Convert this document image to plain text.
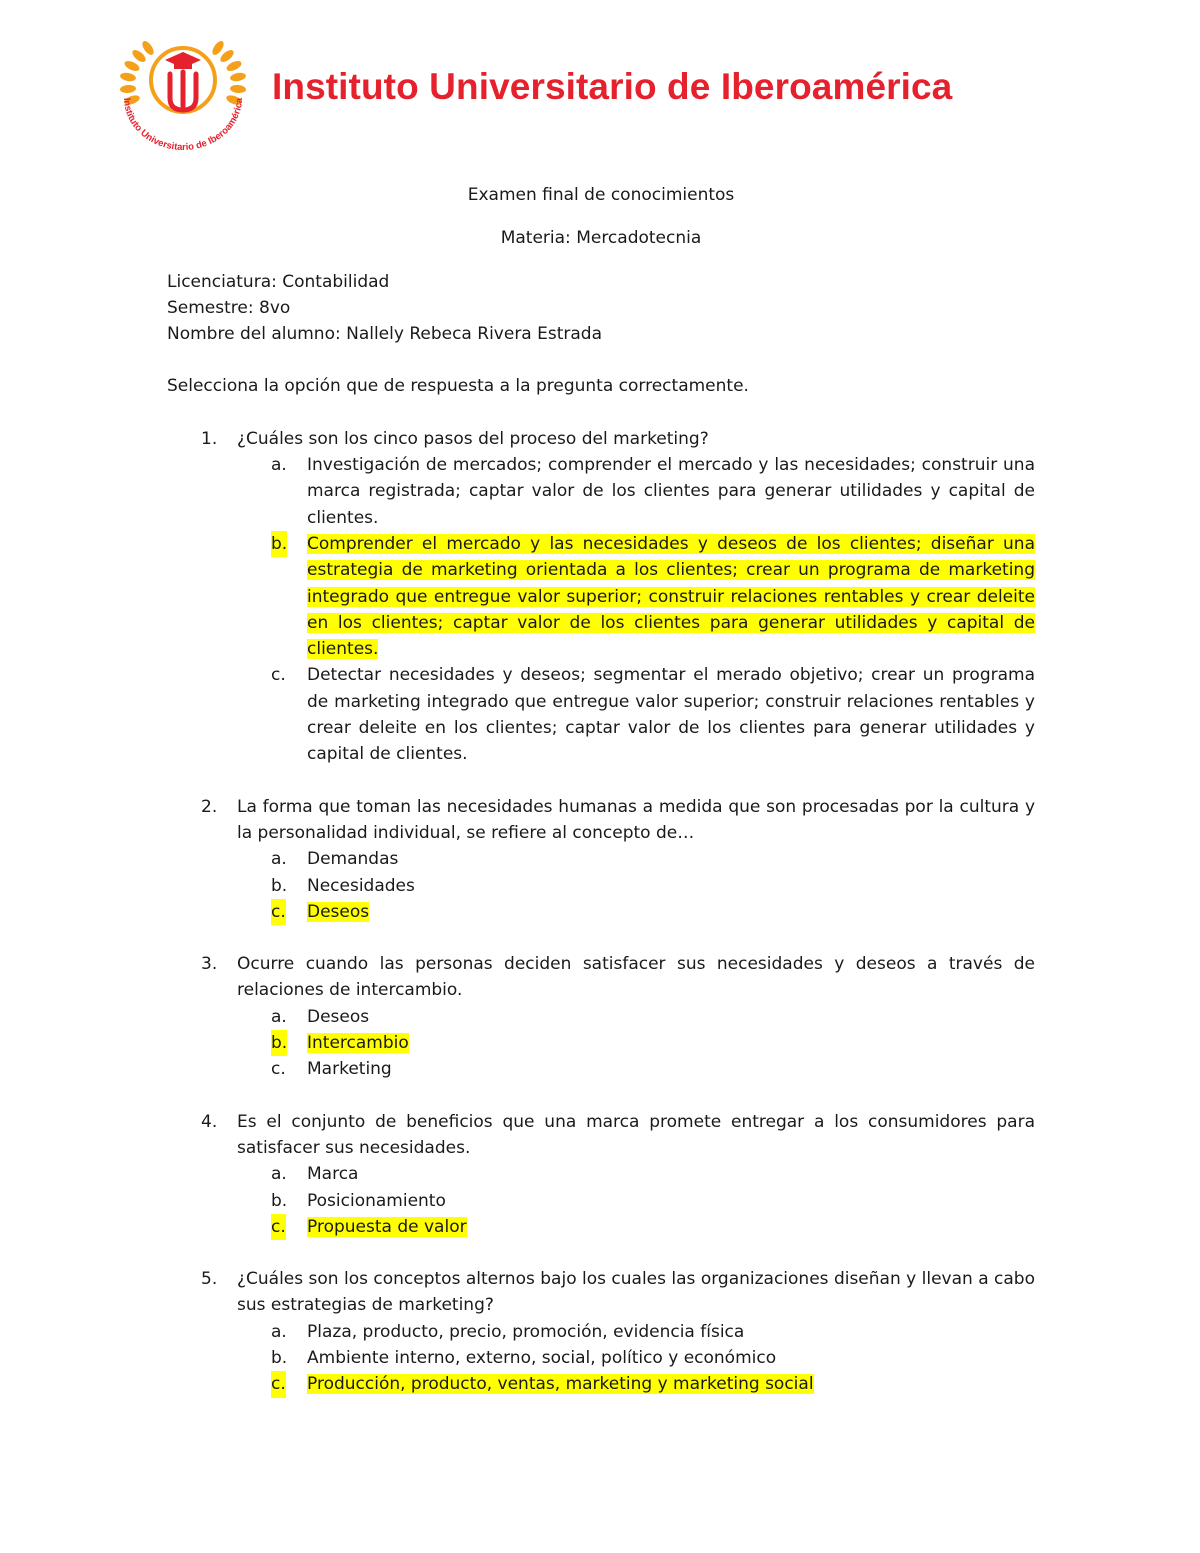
Instituto Universitario de Iberoamérica Instituto Universitario de Iberoamérica
Examen final de conocimientos
Materia: Mercadotecnia
Licenciatura: Contabilidad
Semestre: 8vo
Nombre del alumno: Nallely Rebeca Rivera Estrada
Selecciona la opción que de respuesta a la pregunta correctamente.
1. ¿Cuáles son los cinco pasos del proceso del marketing?
a. Investigación de mercados; comprender el mercado y las necesidades; construir una marca registrada; captar valor de los clientes para generar utilidades y capital de clientes.
b. Comprender el mercado y las necesidades y deseos de los clientes; diseñar una estrategia de marketing orientada a los clientes; crear un programa de marketing integrado que entregue valor superior; construir relaciones rentables y crear deleite en los clientes; captar valor de los clientes para generar utilidades y capital de clientes.
c. Detectar necesidades y deseos; segmentar el merado objetivo; crear un programa de marketing integrado que entregue valor superior; construir relaciones rentables y crear deleite en los clientes; captar valor de los clientes para generar utilidades y capital de clientes.
2. La forma que toman las necesidades humanas a medida que son procesadas por la cultura y la personalidad individual, se refiere al concepto de…
a. Demandas
b. Necesidades
c. Deseos
3. Ocurre cuando las personas deciden satisfacer sus necesidades y deseos a través de relaciones de intercambio.
a. Deseos
b. Intercambio
c. Marketing
4. Es el conjunto de beneficios que una marca promete entregar a los consumidores para satisfacer sus necesidades.
a. Marca
b. Posicionamiento
c. Propuesta de valor
5. ¿Cuáles son los conceptos alternos bajo los cuales las organizaciones diseñan y llevan a cabo sus estrategias de marketing?
a. Plaza, producto, precio, promoción, evidencia física
b. Ambiente interno, externo, social, político y económico
c. Producción, producto, ventas, marketing y marketing social
